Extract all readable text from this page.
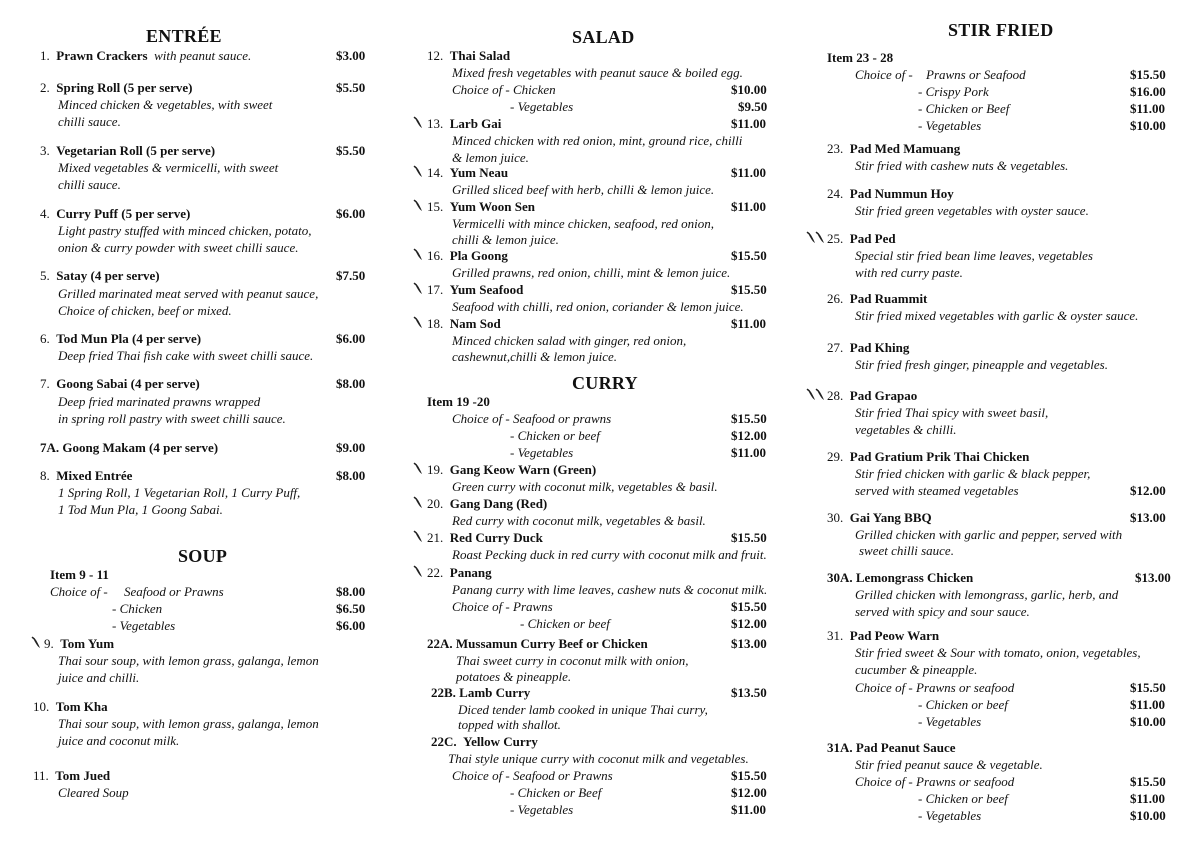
ENTRÉE
1. Prawn Crackers with peanut sauce.	$3.00
2. Spring Roll (5 per serve)	$5.50
Minced chicken & vegetables, with sweet
chilli sauce.
3. Vegetarian Roll (5 per serve)	$5.50
Mixed vegetables & vermicelli, with sweet
chilli sauce.
4. Curry Puff (5 per serve)	$6.00
Light pastry stuffed with minced chicken, potato,
onion & curry powder with sweet chilli sauce.
5. Satay (4 per serve)	$7.50
Grilled marinated meat served with peanut sauce,
Choice of chicken, beef or mixed.
6. Tod Mun Pla (4 per serve)	$6.00
Deep fried Thai fish cake with sweet chilli sauce.
7. Goong Sabai (4 per serve)	$8.00
Deep fried marinated prawns wrapped
in spring roll pastry with sweet chilli sauce.
7A. Goong Makam (4 per serve)	$9.00
8. Mixed Entrée	$8.00
1 Spring Roll, 1 Vegetarian Roll, 1 Curry Puff,
1 Tod Mun Pla, 1 Goong Sabai.
SOUP
Item 9 - 11
Choice of - Seafood or Prawns	$8.00
- Chicken	$6.50
- Vegetables	$6.00
9. Tom Yum
Thai sour soup, with lemon grass, galanga, lemon
juice and chilli.
10. Tom Kha
Thai sour soup, with lemon grass, galanga, lemon
juice and coconut milk.
11. Tom Jued
Cleared Soup
SALAD
12. Thai Salad
Mixed fresh vegetables with peanut sauce & boiled egg.
Choice of - Chicken	$10.00
- Vegetables	$9.50
13. Larb Gai	$11.00
Minced chicken with red onion, mint, ground rice, chilli
& lemon juice.
14. Yum Neau	$11.00
Grilled sliced beef with herb, chilli & lemon juice.
15. Yum Woon Sen	$11.00
Vermicelli with mince chicken, seafood, red onion,
chilli & lemon juice.
16. Pla Goong	$15.50
Grilled prawns, red onion, chilli, mint & lemon juice.
17. Yum Seafood	$15.50
Seafood with chilli, red onion, coriander & lemon juice.
18. Nam Sod	$11.00
Minced chicken salad with ginger, red onion,
cashewnut,chilli & lemon juice.
CURRY
Item 19 -20
Choice of - Seafood or prawns	$15.50
- Chicken or beef	$12.00
- Vegetables	$11.00
19. Gang Keow Warn (Green)
Green curry with coconut milk, vegetables & basil.
20. Gang Dang (Red)
Red curry with coconut milk, vegetables & basil.
21. Red Curry Duck	$15.50
Roast Pecking duck in red curry with coconut milk and fruit.
22. Panang
Panang curry with lime leaves, cashew nuts & coconut milk.
Choice of - Prawns	$15.50
- Chicken or beef	$12.00
22A. Mussamun Curry Beef or Chicken	$13.00
Thai sweet curry in coconut milk with onion,
potatoes & pineapple.
22B. Lamb Curry	$13.50
Diced tender lamb cooked in unique Thai curry,
topped with shallot.
22C. Yellow Curry
Thai style unique curry with coconut milk and vegetables.
Choice of - Seafood or Prawns	$15.50
- Chicken or Beef	$12.00
- Vegetables	$11.00
STIR FRIED
Item 23 - 28
Choice of - Prawns or Seafood	$15.50
- Crispy Pork	$16.00
- Chicken or Beef	$11.00
- Vegetables	$10.00
23. Pad Med Mamuang
Stir fried with cashew nuts & vegetables.
24. Pad Nummun Hoy
Stir fried green vegetables with oyster sauce.
25. Pad Ped
Special stir fried bean lime leaves, vegetables
with red curry paste.
26. Pad Ruammit
Stir fried mixed vegetables with garlic & oyster sauce.
27. Pad Khing
Stir fried fresh ginger, pineapple and vegetables.
28. Pad Grapao
Stir fried Thai spicy with sweet basil,
vegetables & chilli.
29. Pad Gratium Prik Thai Chicken
Stir fried chicken with garlic & black pepper,
served with steamed vegetables	$12.00
30. Gai Yang BBQ	$13.00
Grilled chicken with garlic and pepper, served with
sweet chilli sauce.
30A. Lemongrass Chicken	$13.00
Grilled chicken with lemongrass, garlic, herb, and
served with spicy and sour sauce.
31. Pad Peow Warn
Stir fried sweet & Sour with tomato, onion, vegetables,
cucumber & pineapple.
Choice of - Prawns or seafood	$15.50
- Chicken or beef	$11.00
- Vegetables	$10.00
31A. Pad Peanut Sauce
Stir fried peanut sauce & vegetable.
Choice of - Prawns or seafood	$15.50
- Chicken or beef	$11.00
- Vegetables	$10.00
